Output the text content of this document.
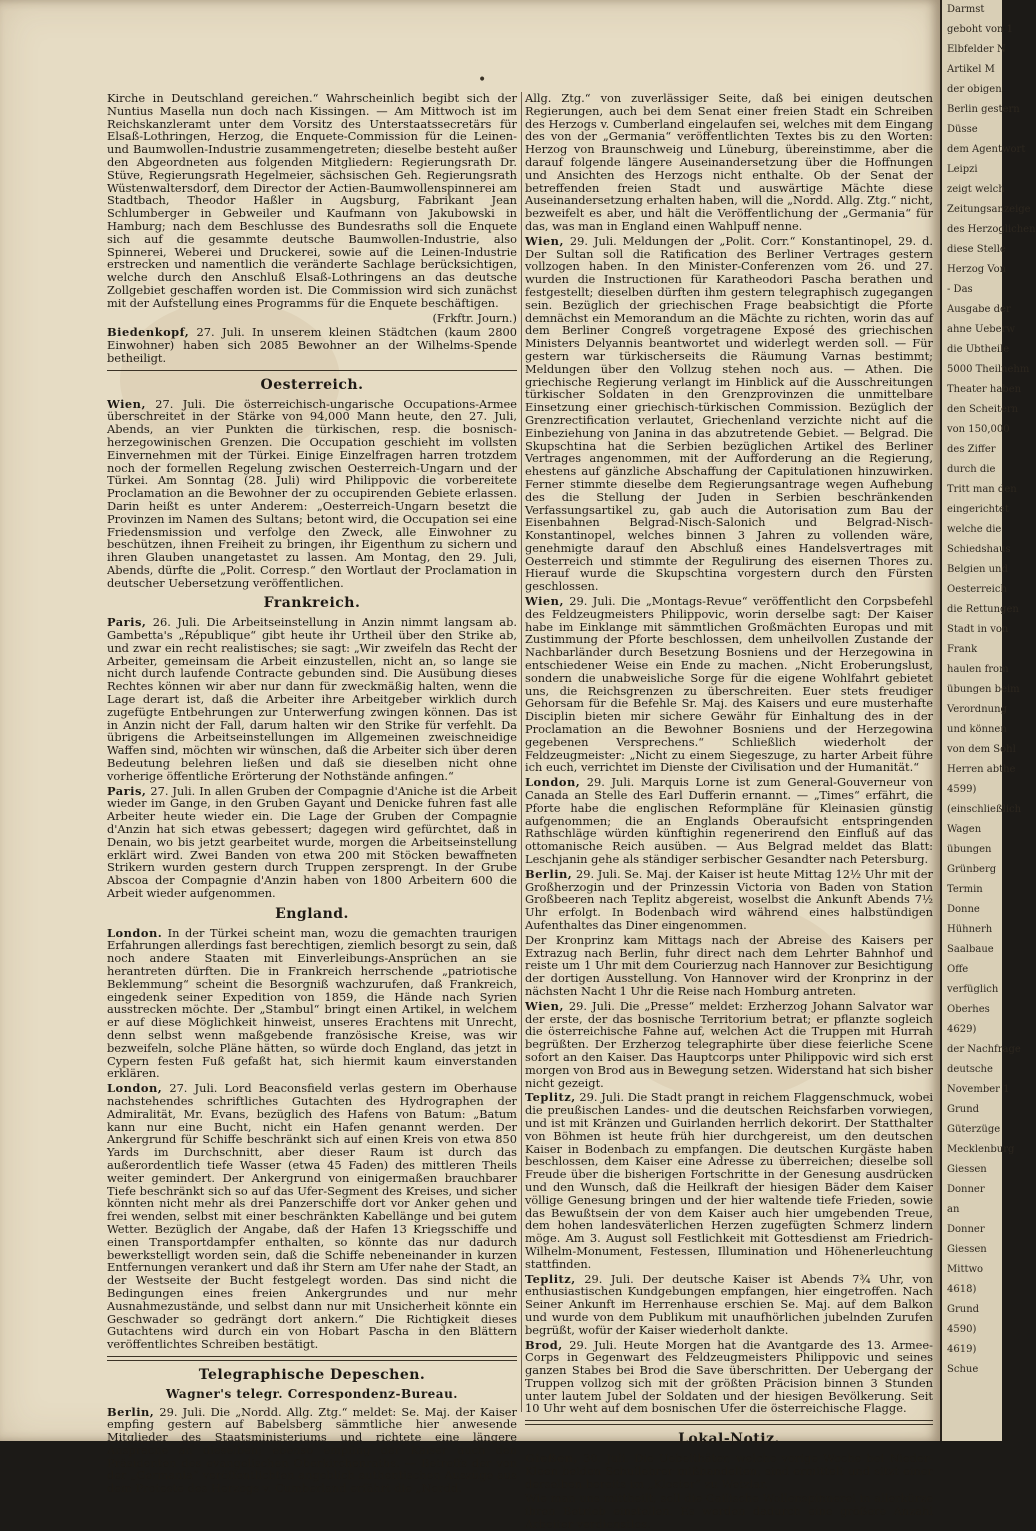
•

Kirche in Deutschland gereichen.“ Wahrscheinlich begibt sich der Nuntius Masella nun doch nach Kissingen. — Am Mittwoch ist im Reichskanzleramt unter dem Vorsitz des Unterstaatssecretärs für Elsaß-Lothringen, Herzog, die Enquete-Commission für die Leinen- und Baumwollen-Industrie zusammengetreten; dieselbe besteht außer den Abgeordneten aus folgenden Mitgliedern: Regierungsrath Dr. Stüve, Regierungsrath Hegelmeier, sächsischen Geh. Regierungsrath Wüstenwaltersdorf, dem Director der Actien-Baumwollenspinnerei am Stadtbach, Theodor Haßler in Augsburg, Fabrikant Jean Schlumberger in Gebweiler und Kaufmann von Jakubowski in Hamburg; nach dem Beschlusse des Bundesraths soll die Enquete sich auf die gesammte deutsche Baumwollen-Industrie, also Spinnerei, Weberei und Druckerei, sowie auf die Leinen-Industrie erstrecken und namentlich die veränderte Sachlage berücksichtigen, welche durch den Anschluß Elsaß-Lothringens an das deutsche Zollgebiet geschaffen worden ist. Die Commission wird sich zunächst mit der Aufstellung eines Programms für die Enquete beschäftigen.

(Frkftr. Journ.)

Biedenkopf, 27. Juli. In unserem kleinen Städtchen (kaum 2800 Einwohner) haben sich 2085 Bewohner an der Wilhelms-Spende betheiligt.

Oesterreich.

Wien, 27. Juli. Die österreichisch-ungarische Occupations-Armee überschreitet in der Stärke von 94,000 Mann heute, den 27. Juli, Abends, an vier Punkten die türkischen, resp. die bosnisch-herzegowinischen Grenzen. Die Occupation geschieht im vollsten Einvernehmen mit der Türkei. Einige Einzelfragen harren trotzdem noch der formellen Regelung zwischen Oesterreich-Ungarn und der Türkei. Am Sonntag (28. Juli) wird Philippovic die vorbereitete Proclamation an die Bewohner der zu occupirenden Gebiete erlassen. Darin heißt es unter Anderem: „Oesterreich-Ungarn besetzt die Provinzen im Namen des Sultans; betont wird, die Occupation sei eine Friedensmission und verfolge den Zweck, alle Einwohner zu beschützen, ihnen Freiheit zu bringen, ihr Eigenthum zu sichern und ihren Glauben unangetastet zu lassen. Am Montag, den 29. Juli, Abends, dürfte die „Polit. Corresp.“ den Wortlaut der Proclamation in deutscher Uebersetzung veröffentlichen.

Frankreich.

Paris, 26. Juli. Die Arbeitseinstellung in Anzin nimmt langsam ab. Gambetta's „République“ gibt heute ihr Urtheil über den Strike ab, und zwar ein recht realistisches; sie sagt: „Wir zweifeln das Recht der Arbeiter, gemeinsam die Arbeit einzustellen, nicht an, so lange sie nicht durch laufende Contracte gebunden sind. Die Ausübung dieses Rechtes können wir aber nur dann für zweckmäßig halten, wenn die Lage derart ist, daß die Arbeiter ihre Arbeitgeber wirklich durch zugefügte Entbehrungen zur Unterwerfung zwingen können. Das ist in Anzin nicht der Fall, darum halten wir den Strike für verfehlt. Da übrigens die Arbeitseinstellungen im Allgemeinen zweischneidige Waffen sind, möchten wir wünschen, daß die Arbeiter sich über deren Bedeutung belehren ließen und daß sie dieselben nicht ohne vorherige öffentliche Erörterung der Nothstände anfingen.“

Paris, 27. Juli. In allen Gruben der Compagnie d'Aniche ist die Arbeit wieder im Gange, in den Gruben Gayant und Denicke fuhren fast alle Arbeiter heute wieder ein. Die Lage der Gruben der Compagnie d'Anzin hat sich etwas gebessert; dagegen wird gefürchtet, daß in Denain, wo bis jetzt gearbeitet wurde, morgen die Arbeitseinstellung erklärt wird. Zwei Banden von etwa 200 mit Stöcken bewaffneten Strikern wurden gestern durch Truppen zersprengt. In der Grube Abscoa der Compagnie d'Anzin haben von 1800 Arbeitern 600 die Arbeit wieder aufgenommen.

England.

London. In der Türkei scheint man, wozu die gemachten traurigen Erfahrungen allerdings fast berechtigen, ziemlich besorgt zu sein, daß noch andere Staaten mit Einverleibungs-Ansprüchen an sie herantreten dürften. Die in Frankreich herrschende „patriotische Beklemmung“ scheint die Besorgniß wachzurufen, daß Frankreich, eingedenk seiner Expedition von 1859, die Hände nach Syrien ausstrecken möchte. Der „Stambul“ bringt einen Artikel, in welchem er auf diese Möglichkeit hinweist, unseres Erachtens mit Unrecht, denn selbst wenn maßgebende französische Kreise, was wir bezweifeln, solche Pläne hätten, so würde doch England, das jetzt in Cypern festen Fuß gefaßt hat, sich hiermit kaum einverstanden erklären.

London, 27. Juli. Lord Beaconsfield verlas gestern im Oberhause nachstehendes schriftliches Gutachten des Hydrographen der Admiralität, Mr. Evans, bezüglich des Hafens von Batum: „Batum kann nur eine Bucht, nicht ein Hafen genannt werden. Der Ankergrund für Schiffe beschränkt sich auf einen Kreis von etwa 850 Yards im Durchschnitt, aber dieser Raum ist durch das außerordentlich tiefe Wasser (etwa 45 Faden) des mittleren Theils weiter gemindert. Der Ankergrund von einigermaßen brauchbarer Tiefe beschränkt sich so auf das Ufer-Segment des Kreises, und sicher könnten nicht mehr als drei Panzerschiffe dort vor Anker gehen und frei wenden, selbst mit einer beschränkten Kabellänge und bei gutem Wetter. Bezüglich der Angabe, daß der Hafen 13 Kriegsschiffe und einen Transportdampfer enthalten, so könnte das nur dadurch bewerkstelligt worden sein, daß die Schiffe nebeneinander in kurzen Entfernungen verankert und daß ihr Stern am Ufer nahe der Stadt, an der Westseite der Bucht festgelegt worden. Das sind nicht die Bedingungen eines freien Ankergrundes und nur mehr Ausnahmezustände, und selbst dann nur mit Unsicherheit könnte ein Geschwader so gedrängt dort ankern.“ Die Richtigkeit dieses Gutachtens wird durch ein von Hobart Pascha in den Blättern veröffentlichtes Schreiben bestätigt.

Telegraphische Depeschen.
Wagner's telegr. Correspondenz-Bureau.

Berlin, 29. Juli. Die „Nordd. Allg. Ztg.“ meldet: Se. Maj. der Kaiser empfing gestern auf Babelsberg sämmtliche hier anwesende Mitglieder des Staatsministeriums und richtete eine längere Ansprache an dieselben; ebenso empfing der Kaiser auch den Präsidenten des evangelischen Oberkirchenraths. — Betreffs der von der „Germania“ veröffentlichten angeblich authentischen Auszüge aus dem Proteste des Herzogs v. Cumberland erfährt die „Nordd.

Allg. Ztg.“ von zuverlässiger Seite, daß bei einigen deutschen Regierungen, auch bei dem Senat einer freien Stadt ein Schreiben des Herzogs v. Cumberland eingelaufen sei, welches mit dem Eingang des von der „Germania“ veröffentlichten Textes bis zu den Worten: Herzog von Braunschweig und Lüneburg, übereinstimme, aber die darauf folgende längere Auseinandersetzung über die Hoffnungen und Ansichten des Herzogs nicht enthalte. Ob der Senat der betreffenden freien Stadt und auswärtige Mächte diese Auseinandersetzung erhalten haben, will die „Nordd. Allg. Ztg.“ nicht, bezweifelt es aber, und hält die Veröffentlichung der „Germania“ für das, was man in England einen Wahlpuff nenne.

Wien, 29. Juli. Meldungen der „Polit. Corr.“ Konstantinopel, 29. d. Der Sultan soll die Ratification des Berliner Vertrages gestern vollzogen haben. In den Minister-Conferenzen vom 26. und 27. wurden die Instructionen für Karatheodori Pascha berathen und festgestellt; dieselben dürften ihm gestern telegraphisch zugegangen sein. Bezüglich der griechischen Frage beabsichtigt die Pforte demnächst ein Memorandum an die Mächte zu richten, worin das auf dem Berliner Congreß vorgetragene Exposé des griechischen Ministers Delyannis beantwortet und widerlegt werden soll. — Für gestern war türkischerseits die Räumung Varnas bestimmt; Meldungen über den Vollzug stehen noch aus. — Athen. Die griechische Regierung verlangt im Hinblick auf die Ausschreitungen türkischer Soldaten in den Grenzprovinzen die unmittelbare Einsetzung einer griechisch-türkischen Commission. Bezüglich der Grenzrectification verlautet, Griechenland verzichte nicht auf die Einbeziehung von Janina in das abzutretende Gebiet. — Belgrad. Die Skupschtina hat die Serbien bezüglichen Artikel des Berliner Vertrages angenommen, mit der Aufforderung an die Regierung, ehestens auf gänzliche Abschaffung der Capitulationen hinzuwirken. Ferner stimmte dieselbe dem Regierungsantrage wegen Aufhebung des die Stellung der Juden in Serbien beschränkenden Verfassungsartikel zu, gab auch die Autorisation zum Bau der Eisenbahnen Belgrad-Nisch-Salonich und Belgrad-Nisch-Konstantinopel, welches binnen 3 Jahren zu vollenden wäre, genehmigte darauf den Abschluß eines Handelsvertrages mit Oesterreich und stimmte der Regulirung des eisernen Thores zu. Hierauf wurde die Skupschtina vorgestern durch den Fürsten geschlossen.

Wien, 29. Juli. Die „Montags-Revue“ veröffentlicht den Corpsbefehl des Feldzeugmeisters Philippovic, worin derselbe sagt: Der Kaiser habe im Einklange mit sämmtlichen Großmächten Europas und mit Zustimmung der Pforte beschlossen, dem unheilvollen Zustande der Nachbarländer durch Besetzung Bosniens und der Herzegowina in entschiedener Weise ein Ende zu machen. „Nicht Eroberungslust, sondern die unabweisliche Sorge für die eigene Wohlfahrt gebietet uns, die Reichsgrenzen zu überschreiten. Euer stets freudiger Gehorsam für die Befehle Sr. Maj. des Kaisers und eure musterhafte Disciplin bieten mir sichere Gewähr für Einhaltung des in der Proclamation an die Bewohner Bosniens und der Herzegowina gegebenen Versprechens.“ Schließlich wiederholt der Feldzeugmeister: „Nicht zu einem Siegeszuge, zu harter Arbeit führe ich euch, verrichtet im Dienste der Civilisation und der Humanität.“

London, 29. Juli. Marquis Lorne ist zum General-Gouverneur von Canada an Stelle des Earl Dufferin ernannt. — „Times“ erfährt, die Pforte habe die englischen Reformpläne für Kleinasien günstig aufgenommen; die an Englands Oberaufsicht entspringenden Rathschläge würden künftighin regenerirend den Einfluß auf das ottomanische Reich ausüben. — Aus Belgrad meldet das Blatt: Leschjanin gehe als ständiger serbischer Gesandter nach Petersburg.

Berlin, 29. Juli. Se. Maj. der Kaiser ist heute Mittag 12½ Uhr mit der Großherzogin und der Prinzessin Victoria von Baden von Station Großbeeren nach Teplitz abgereist, woselbst die Ankunft Abends 7½ Uhr erfolgt. In Bodenbach wird während eines halbstündigen Aufenthaltes das Diner eingenommen.

Der Kronprinz kam Mittags nach der Abreise des Kaisers per Extrazug nach Berlin, fuhr direct nach dem Lehrter Bahnhof und reiste um 1 Uhr mit dem Courierzug nach Hannover zur Besichtigung der dortigen Ausstellung. Von Hannover wird der Kronprinz in der nächsten Nacht 1 Uhr die Reise nach Homburg antreten.

Wien, 29. Juli. Die „Presse“ meldet: Erzherzog Johann Salvator war der erste, der das bosnische Territorium betrat; er pflanzte sogleich die österreichische Fahne auf, welchen Act die Truppen mit Hurrah begrüßten. Der Erzherzog telegraphirte über diese feierliche Scene sofort an den Kaiser. Das Hauptcorps unter Philippovic wird sich erst morgen von Brod aus in Bewegung setzen. Widerstand hat sich bisher nicht gezeigt.

Teplitz, 29. Juli. Die Stadt prangt in reichem Flaggenschmuck, wobei die preußischen Landes- und die deutschen Reichsfarben vorwiegen, und ist mit Kränzen und Guirlanden herrlich dekorirt. Der Statthalter von Böhmen ist heute früh hier durchgereist, um den deutschen Kaiser in Bodenbach zu empfangen. Die deutschen Kurgäste haben beschlossen, dem Kaiser eine Adresse zu überreichen; dieselbe soll Freude über die bisherigen Fortschritte in der Genesung ausdrücken und den Wunsch, daß die Heilkraft der hiesigen Bäder dem Kaiser völlige Genesung bringen und der hier waltende tiefe Frieden, sowie das Bewußtsein der von dem Kaiser auch hier umgebenden Treue, dem hohen landesväterlichen Herzen zugefügten Schmerz lindern möge. Am 3. August soll Festlichkeit mit Gottesdienst am Friedrich-Wilhelm-Monument, Festessen, Illumination und Höhenerleuchtung stattfinden.

Teplitz, 29. Juli. Der deutsche Kaiser ist Abends 7¾ Uhr, von enthusiastischen Kundgebungen empfangen, hier eingetroffen. Nach Seiner Ankunft im Herrenhause erschien Se. Maj. auf dem Balkon und wurde von dem Publikum mit unaufhörlichen jubelnden Zurufen begrüßt, wofür der Kaiser wiederholt dankte.

Brod, 29. Juli. Heute Morgen hat die Avantgarde des 13. Armee-Corps in Gegenwart des Feldzeugmeisters Philippovic und seines ganzen Stabes bei Brod die Save überschritten. Der Uebergang der Truppen vollzog sich mit der größten Präcision binnen 3 Stunden unter lautem Jubel der Soldaten und der hiesigen Bevölkerung. Seit 10 Uhr weht auf dem bosnischen Ufer die österreichische Flagge.

Lokal-Notiz.

Gießen, 30. Juli. Die Uebelthäter, welche vorige Woche bei Nieder-Kleen beiden Schullehrer mißhandelten, sind ermittelt und sitzt einer derselben bereits im „Kloster“ zu Wetzlar.

Wie man uns mittheilt, soll die Gailische Wollenspinnerei in allerkürze ihren Betrieb einstellen. Es werden dadurch eine größere Anzahl Arbeiter verdienstlos.

Darmst
geboht von 1
Elbfelder N
Artikel M
der obigen
Berlin gestern
Düsse
dem Agentwort
Leipzi
zeigt welch
Zeitungsanzeige
des Herzoglichen
diese Stelle
Herzog Von
- Das
Ausgabe der
ahne Ueberw
die Ubtheile
5000 Theilnehm
Theater haben
den Scheitern
von 150,000
des Ziffer
durch die
Tritt man den
eingerichtet
welche die
Schiedshaus
Belgien und
Oesterreich
die Rettungen
Stadt in von
Frank
haulen from
übungen beim
Verordnung
und können
von dem Sohl
Herren abthe
4599)
(einschließlich
Wagen
übungen
Grünberg
Termin
Donne
Hühnerh
Saalbaue
Offe
verfüglich
Oberhes
4629)
der Nachfrage
deutsche
November 1
Grund
Güterzüge
Mecklenburg
Giessen
Donner
an
Donner
Giessen
Mittwo
4618)
Grund
4590)
4619)
Schue
